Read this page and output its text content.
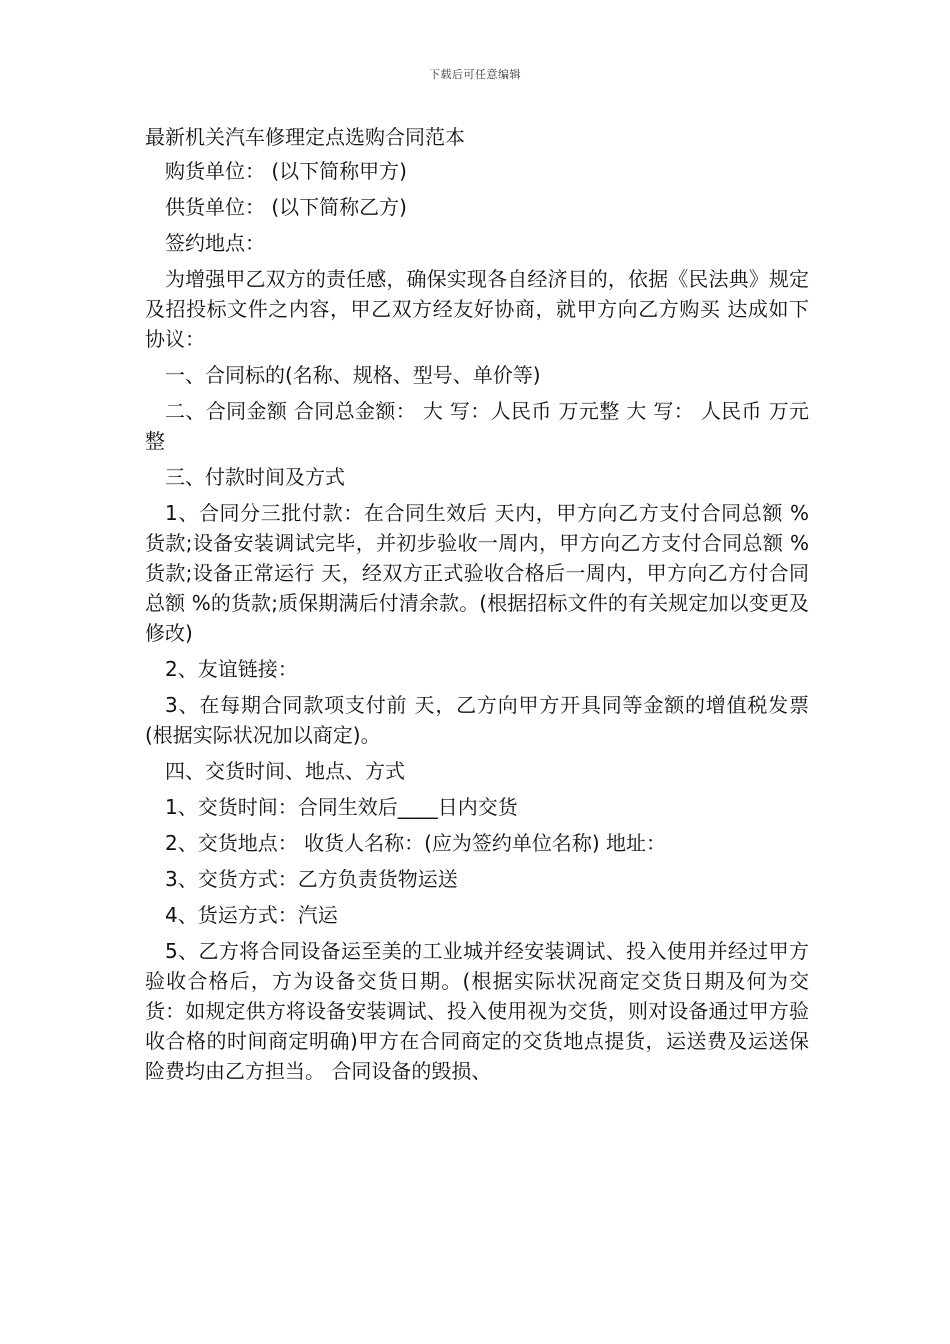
下载后可任意编辑
最新机关汽车修理定点选购合同范本

购货单位： (以下简称甲方)

供货单位： (以下简称乙方)

签约地点：

为增强甲乙双方的责任感，确保实现各自经济目的，依据《民法典》规定及招投标文件之内容，甲乙双方经友好协商，就甲方向乙方购买 达成如下协议：

一、合同标的(名称、规格、型号、单价等)

二、合同金额 合同总金额： 大 写：人民币 万元整 大 写： 人民币 万元整

三、付款时间及方式

1、合同分三批付款：在合同生效后 天内，甲方向乙方支付合同总额 %货款;设备安装调试完毕，并初步验收一周内，甲方向乙方支付合同总额 %货款;设备正常运行 天，经双方正式验收合格后一周内，甲方向乙方付合同总额 %的货款;质保期满后付清余款。(根据招标文件的有关规定加以变更及修改)

2、友谊链接：

3、在每期合同款项支付前 天，乙方向甲方开具同等金额的增值税发票(根据实际状况加以商定)。

四、交货时间、地点、方式

1、交货时间：合同生效后____日内交货

2、交货地点： 收货人名称：(应为签约单位名称) 地址：

3、交货方式：乙方负责货物运送

4、货运方式：汽运

5、乙方将合同设备运至美的工业城并经安装调试、投入使用并经过甲方验收合格后，方为设备交货日期。(根据实际状况商定交货日期及何为交货：如规定供方将设备安装调试、投入使用视为交货，则对设备通过甲方验收合格的时间商定明确)甲方在合同商定的交货地点提货，运送费及运送保险费均由乙方担当。 合同设备的毁损、
